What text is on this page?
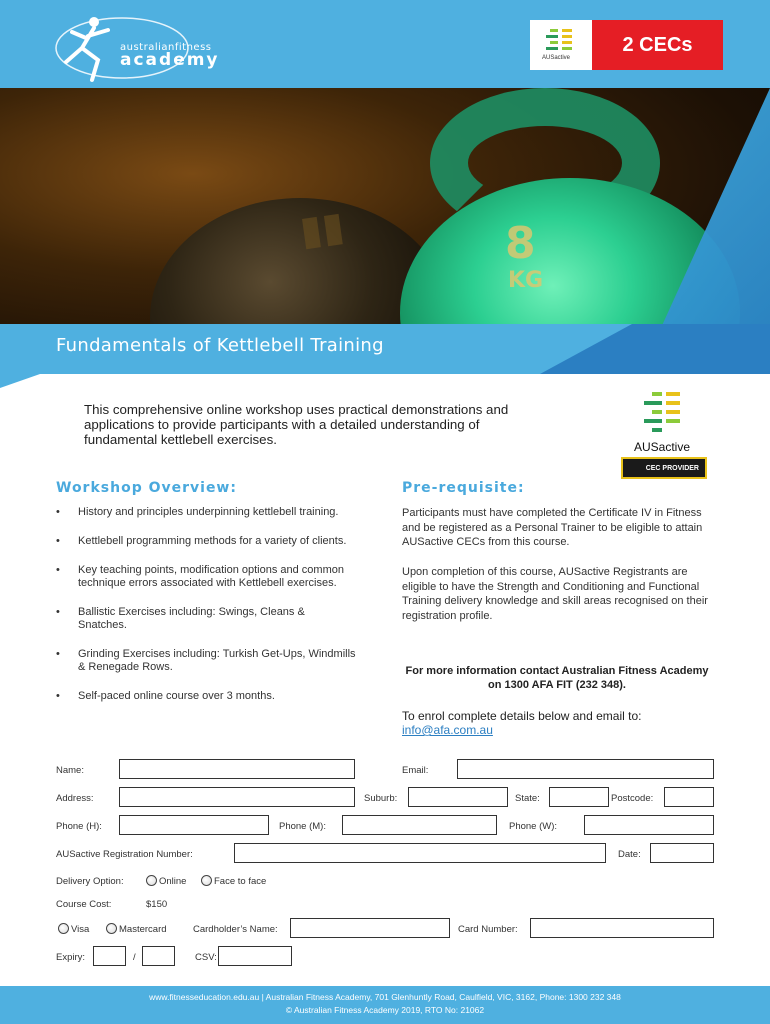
australianfitness
academy	AUSactive
2 CECs
▮▮	8
KG
Fundamentals of Kettlebell Training

This comprehensive online workshop uses practical demonstrations and applications to provide participants with a detailed understanding of fundamental kettlebell exercises.	AUSactive
CEC PROVIDER
Workshop Overview:
• History and principles underpinning kettlebell training.
• Kettlebell programming methods for a variety of clients.
• Key teaching points, modification options and common technique errors associated with Kettlebell exercises.
• Ballistic Exercises including: Swings, Cleans & Snatches.
• Grinding Exercises including: Turkish Get-Ups, Windmills & Renegade Rows.
• Self-paced online course over 3 months.
Pre-requisite:

Participants must have completed the Certificate IV in Fitness and be registered as a Personal Trainer to be eligible to attain AUSactive CECs from this course.

Upon completion of this course, AUSactive Registrants are eligible to have the Strength and Conditioning and Functional Training delivery knowledge and skill areas recognised on their registration profile.

For more information contact Australian Fitness Academy on 1300 AFA FIT (232 348).

To enrol complete details below and email to:
info@afa.com.au
Name:	Email:
Address:	Suburb:	State:	Postcode:
Phone (H):	Phone (M):	Phone (W):
AUSactive Registration Number:	Date:
Delivery Option:	Online	Face to face
Course Cost:	$150
Visa	Mastercard	Cardholder’s Name:	Card Number:
Expiry:	/	CSV:
www.fitnesseducation.edu.au | Australian Fitness Academy, 701 Glenhuntly Road, Caulfield, VIC, 3162, Phone: 1300 232 348
© Australian Fitness Academy 2019, RTO No: 21062
